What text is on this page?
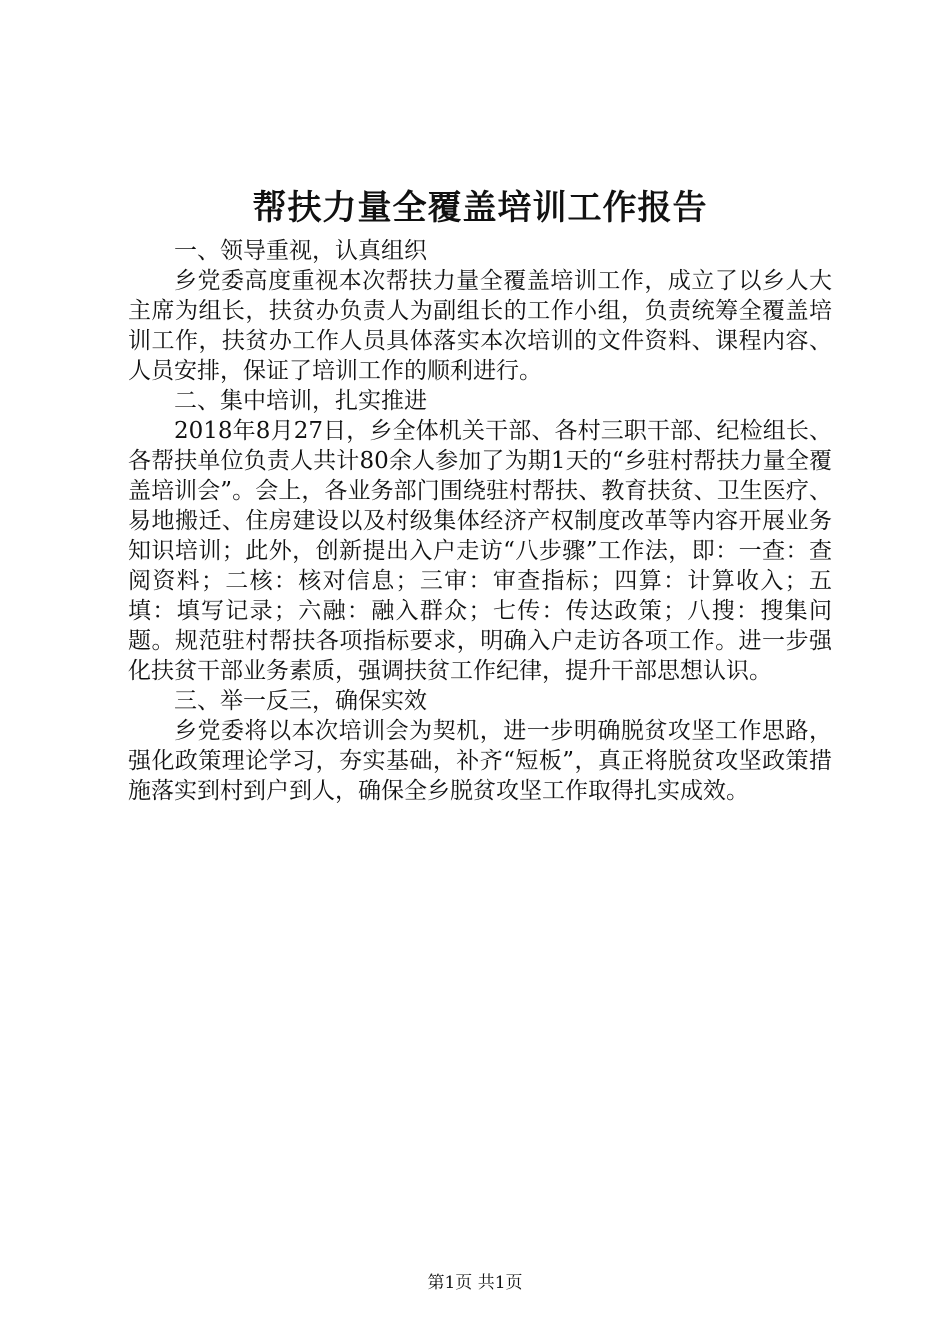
帮扶力量全覆盖培训工作报告
一、领导重视，认真组织

乡党委高度重视本次帮扶力量全覆盖培训工作，成立了以乡人大主席为组长，扶贫办负责人为副组长的工作小组，负责统筹全覆盖培训工作，扶贫办工作人员具体落实本次培训的文件资料、课程内容、人员安排，保证了培训工作的顺利进行。

二、集中培训，扎实推进

2018年8月27日，乡全体机关干部、各村三职干部、纪检组长、各帮扶单位负责人共计80余人参加了为期1天的“乡驻村帮扶力量全覆盖培训会”。会上，各业务部门围绕驻村帮扶、教育扶贫、卫生医疗、易地搬迁、住房建设以及村级集体经济产权制度改革等内容开展业务知识培训；此外，创新提出入户走访“八步骤”工作法，即：一查：查阅资料；二核：核对信息；三审：审查指标；四算：计算收入；五填：填写记录；六融：融入群众；七传：传达政策；八搜：搜集问题。规范驻村帮扶各项指标要求，明确入户走访各项工作。进一步强化扶贫干部业务素质，强调扶贫工作纪律，提升干部思想认识。

三、举一反三，确保实效

乡党委将以本次培训会为契机，进一步明确脱贫攻坚工作思路，强化政策理论学习，夯实基础，补齐“短板”，真正将脱贫攻坚政策措施落实到村到户到人，确保全乡脱贫攻坚工作取得扎实成效。

第1页 共1页
